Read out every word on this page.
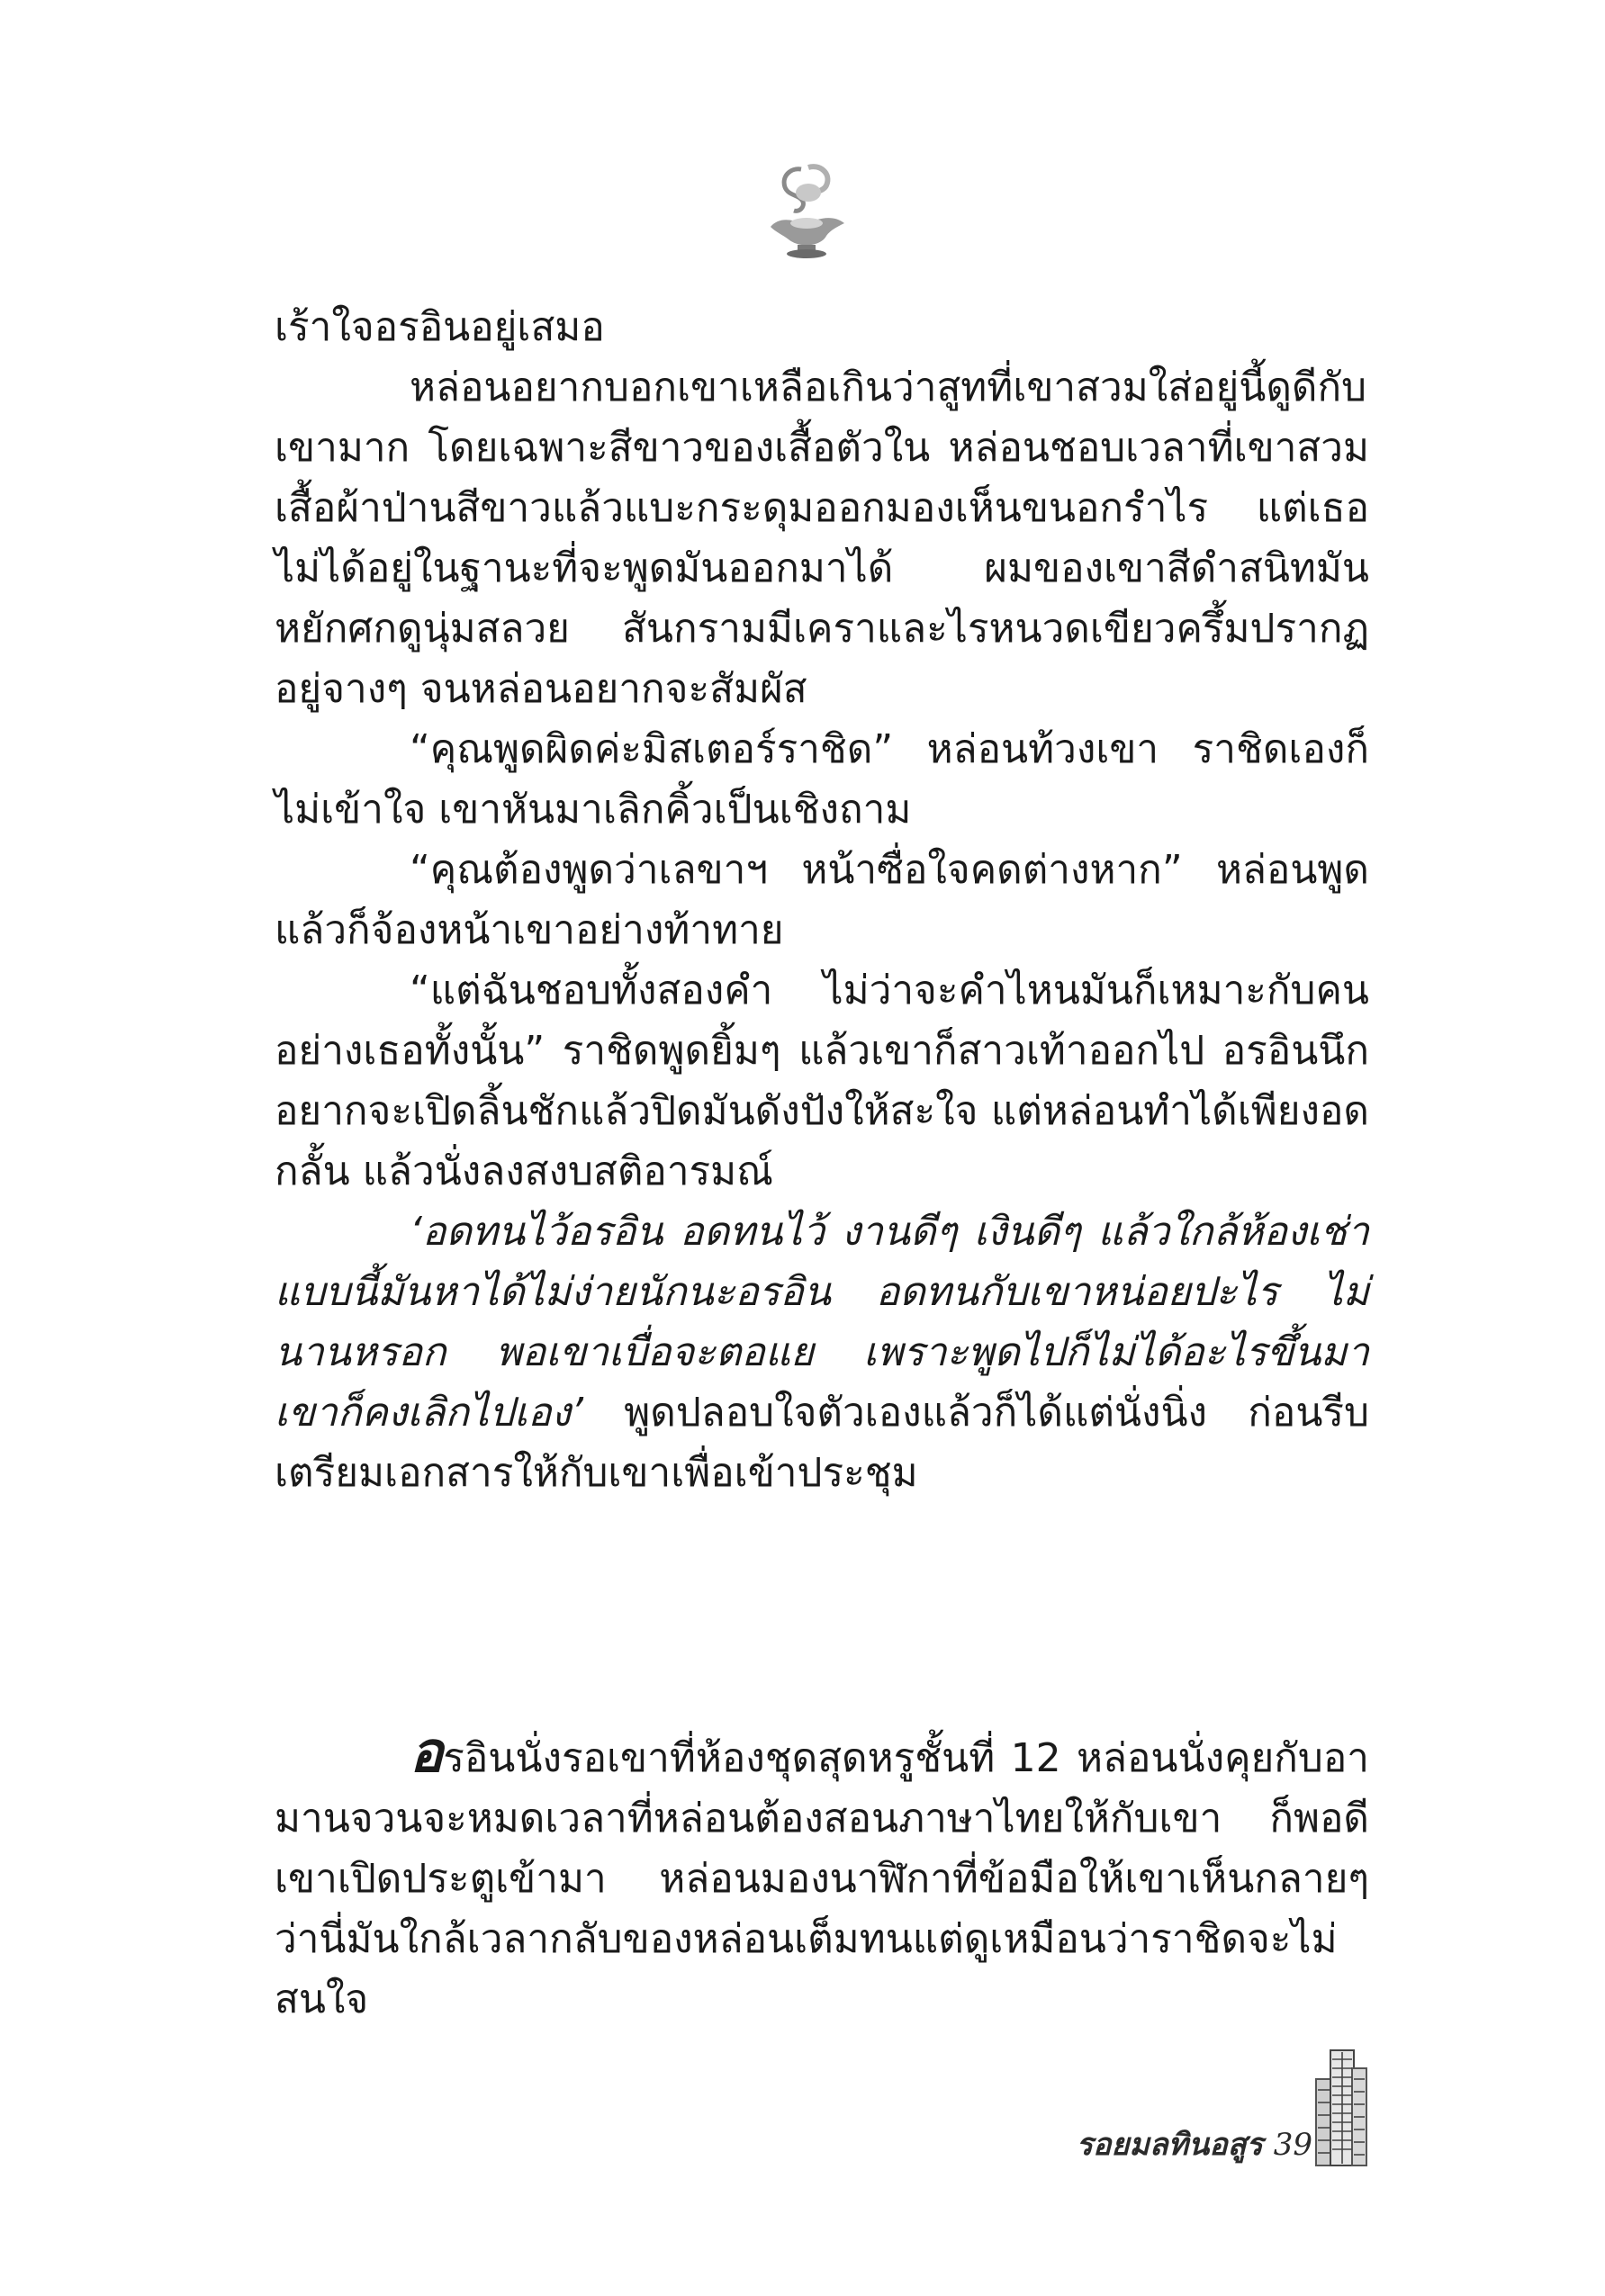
เร้าใจอรอินอยู่เสมอ

หล่อนอยากบอกเขาเหลือเกินว่าสูทที่เขาสวมใส่อยู่นี้ดูดีกับเขามาก โดยเฉพาะสีขาวของเสื้อตัวใน หล่อนชอบเวลาที่เขาสวมเสื้อผ้าป่านสีขาวแล้วแบะกระดุมออกมองเห็นขนอกรำไร แต่เธอไม่ได้อยู่ในฐานะที่จะพูดมันออกมาได้ ผมของเขาสีดำสนิทมันหยักศกดูนุ่มสลวย สันกรามมีเคราและไรหนวดเขียวครึ้มปรากฏอยู่จางๆ จนหล่อนอยากจะสัมผัส

“คุณพูดผิดค่ะมิสเตอร์ราชิด” หล่อนท้วงเขา ราชิดเองก็ไม่เข้าใจ เขาหันมาเลิกคิ้วเป็นเชิงถาม

“คุณต้องพูดว่าเลขาฯ หน้าซื่อใจคดต่างหาก” หล่อนพูดแล้วก็จ้องหน้าเขาอย่างท้าทาย

“แต่ฉันชอบทั้งสองคำ ไม่ว่าจะคำไหนมันก็เหมาะกับคนอย่างเธอทั้งนั้น” ราชิดพูดยิ้มๆ แล้วเขาก็สาวเท้าออกไป อรอินนึกอยากจะเปิดลิ้นชักแล้วปิดมันดังปังให้สะใจ แต่หล่อนทำได้เพียงอดกลั้น แล้วนั่งลงสงบสติอารมณ์

‘อดทนไว้อรอิน อดทนไว้ งานดีๆ เงินดีๆ แล้วใกล้ห้องเช่าแบบนี้มันหาได้ไม่ง่ายนักนะอรอิน อดทนกับเขาหน่อยปะไร ไม่นานหรอก พอเขาเบื่อจะตอแย เพราะพูดไปก็ไม่ได้อะไรขึ้นมา เขาก็คงเลิกไปเอง’ พูดปลอบใจตัวเองแล้วก็ได้แต่นั่งนิ่ง ก่อนรีบเตรียมเอกสารให้กับเขาเพื่อเข้าประชุม

อรอินนั่งรอเขาที่ห้องชุดสุดหรูชั้นที่ 12 หล่อนนั่งคุยกับอามานจวนจะหมดเวลาที่หล่อนต้องสอนภาษาไทยให้กับเขา ก็พอดีเขาเปิดประตูเข้ามา หล่อนมองนาฬิกาที่ข้อมือให้เขาเห็นกลายๆ ว่านี่มันใกล้เวลากลับของหล่อนเต็มทนแต่ดูเหมือนว่าราชิดจะไม่สนใจ

รอยมลทินอสูร 39
